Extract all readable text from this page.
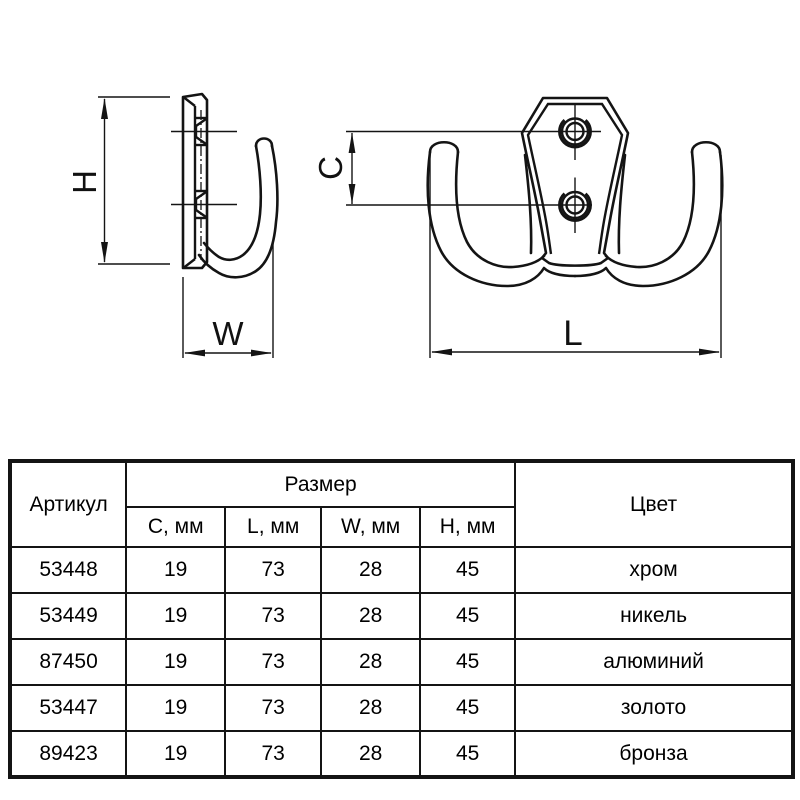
H
W
C
L
Артикул	Размер				Цвет
	C, мм	L, мм	W, мм	H, мм	
53448	19	73	28	45	хром
53449	19	73	28	45	никель
87450	19	73	28	45	алюминий
53447	19	73	28	45	золото
89423	19	73	28	45	бронза
